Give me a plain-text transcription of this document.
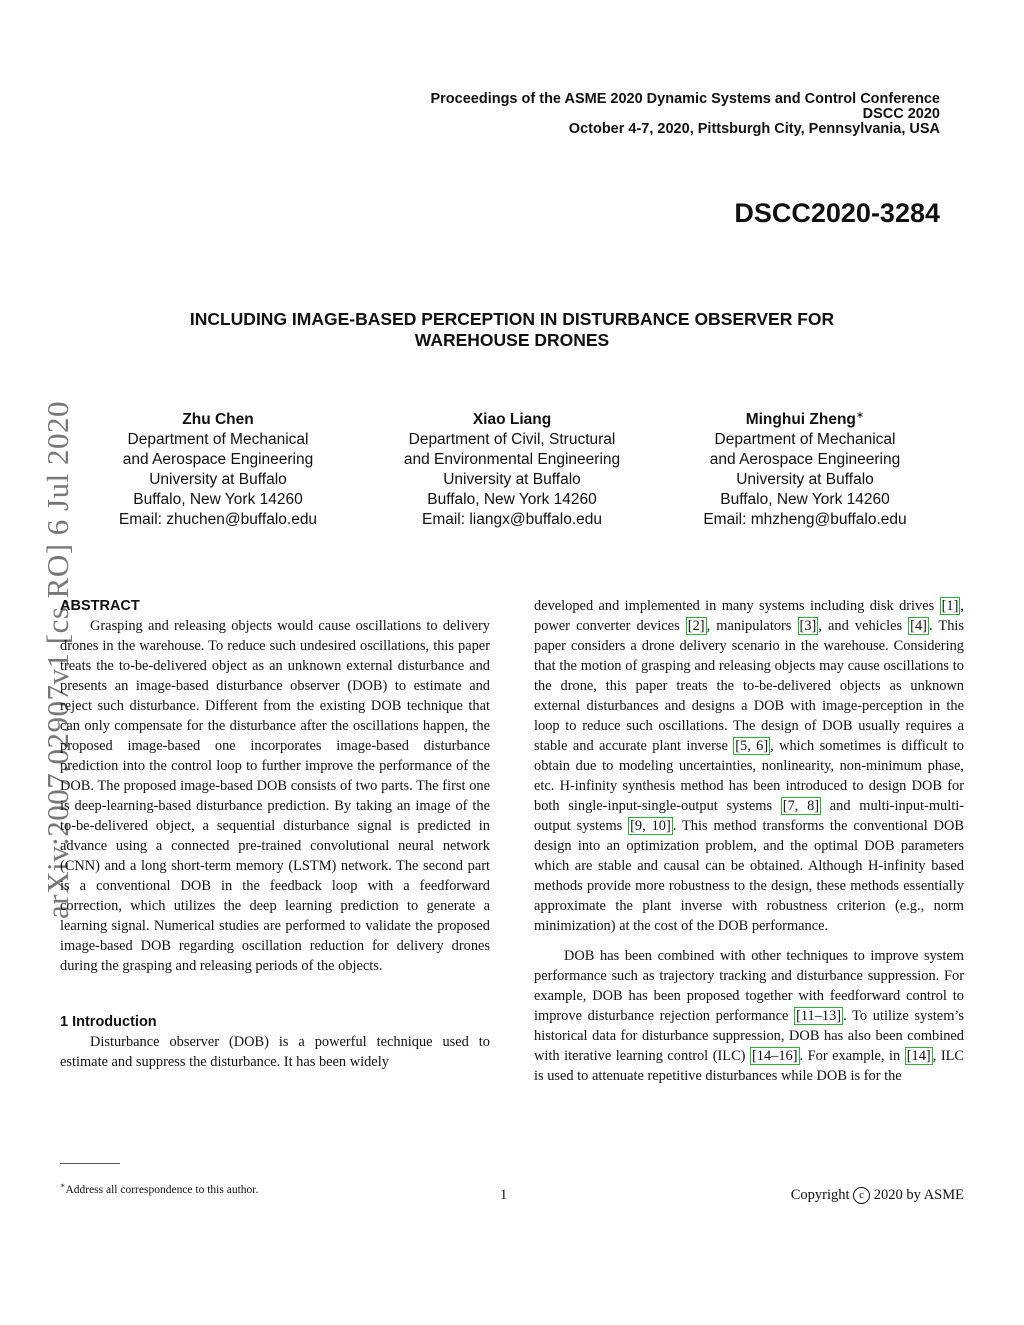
Proceedings of the ASME 2020 Dynamic Systems and Control Conference
DSCC 2020
October 4-7, 2020, Pittsburgh City, Pennsylvania, USA
DSCC2020-3284
INCLUDING IMAGE-BASED PERCEPTION IN DISTURBANCE OBSERVER FOR
WAREHOUSE DRONES
Zhu Chen
Department of Mechanical
and Aerospace Engineering
University at Buffalo
Buffalo, New York 14260
Email: zhuchen@buffalo.edu
Xiao Liang
Department of Civil, Structural
and Environmental Engineering
University at Buffalo
Buffalo, New York 14260
Email: liangx@buffalo.edu
Minghui Zheng∗
Department of Mechanical
and Aerospace Engineering
University at Buffalo
Buffalo, New York 14260
Email: mhzheng@buffalo.edu
arXiv:2007.02907v1 [cs.RO] 6 Jul 2020
ABSTRACT

Grasping and releasing objects would cause oscillations to delivery drones in the warehouse. To reduce such undesired oscillations, this paper treats the to-be-delivered object as an unknown external disturbance and presents an image-based disturbance observer (DOB) to estimate and reject such disturbance. Different from the existing DOB technique that can only compensate for the disturbance after the oscillations happen, the proposed image-based one incorporates image-based disturbance prediction into the control loop to further improve the performance of the DOB. The proposed image-based DOB consists of two parts. The first one is deep-learning-based disturbance prediction. By taking an image of the to-be-delivered object, a sequential disturbance signal is predicted in advance using a connected pre-trained convolutional neural network (CNN) and a long short-term memory (LSTM) network. The second part is a conventional DOB in the feedback loop with a feedforward correction, which utilizes the deep learning prediction to generate a learning signal. Numerical studies are performed to validate the proposed image-based DOB regarding oscillation reduction for delivery drones during the grasping and releasing periods of the objects.

1 Introduction

Disturbance observer (DOB) is a powerful technique used to estimate and suppress the disturbance. It has been widely

developed and implemented in many systems including disk drives [1] , power converter devices [2] , manipulators [3] , and vehicles [4] . This paper considers a drone delivery scenario in the warehouse. Considering that the motion of grasping and releasing objects may cause oscillations to the drone, this paper treats the to-be-delivered objects as unknown external disturbances and designs a DOB with image-perception in the loop to reduce such oscillations. The design of DOB usually requires a stable and accurate plant inverse [5, 6] , which sometimes is difficult to obtain due to modeling uncertainties, nonlinearity, non-minimum phase, etc. H-infinity synthesis method has been introduced to design DOB for both single-input-single-output systems [7, 8] and multi-input-multi-output systems [9, 10] . This method transforms the conventional DOB design into an optimization problem, and the optimal DOB parameters which are stable and causal can be obtained. Although H-infinity based methods provide more robustness to the design, these methods essentially approximate the plant inverse with robustness criterion (e.g., norm minimization) at the cost of the DOB performance.

DOB has been combined with other techniques to improve system performance such as trajectory tracking and disturbance suppression. For example, DOB has been proposed together with feedforward control to improve disturbance rejection performance [11–13] . To utilize system’s historical data for disturbance suppression, DOB has also been combined with iterative learning control (ILC) [14–16] . For example, in [14] , ILC is used to attenuate repetitive disturbances while DOB is for the

∗Address all correspondence to this author.	1	Copyright c 2020 by ASME
